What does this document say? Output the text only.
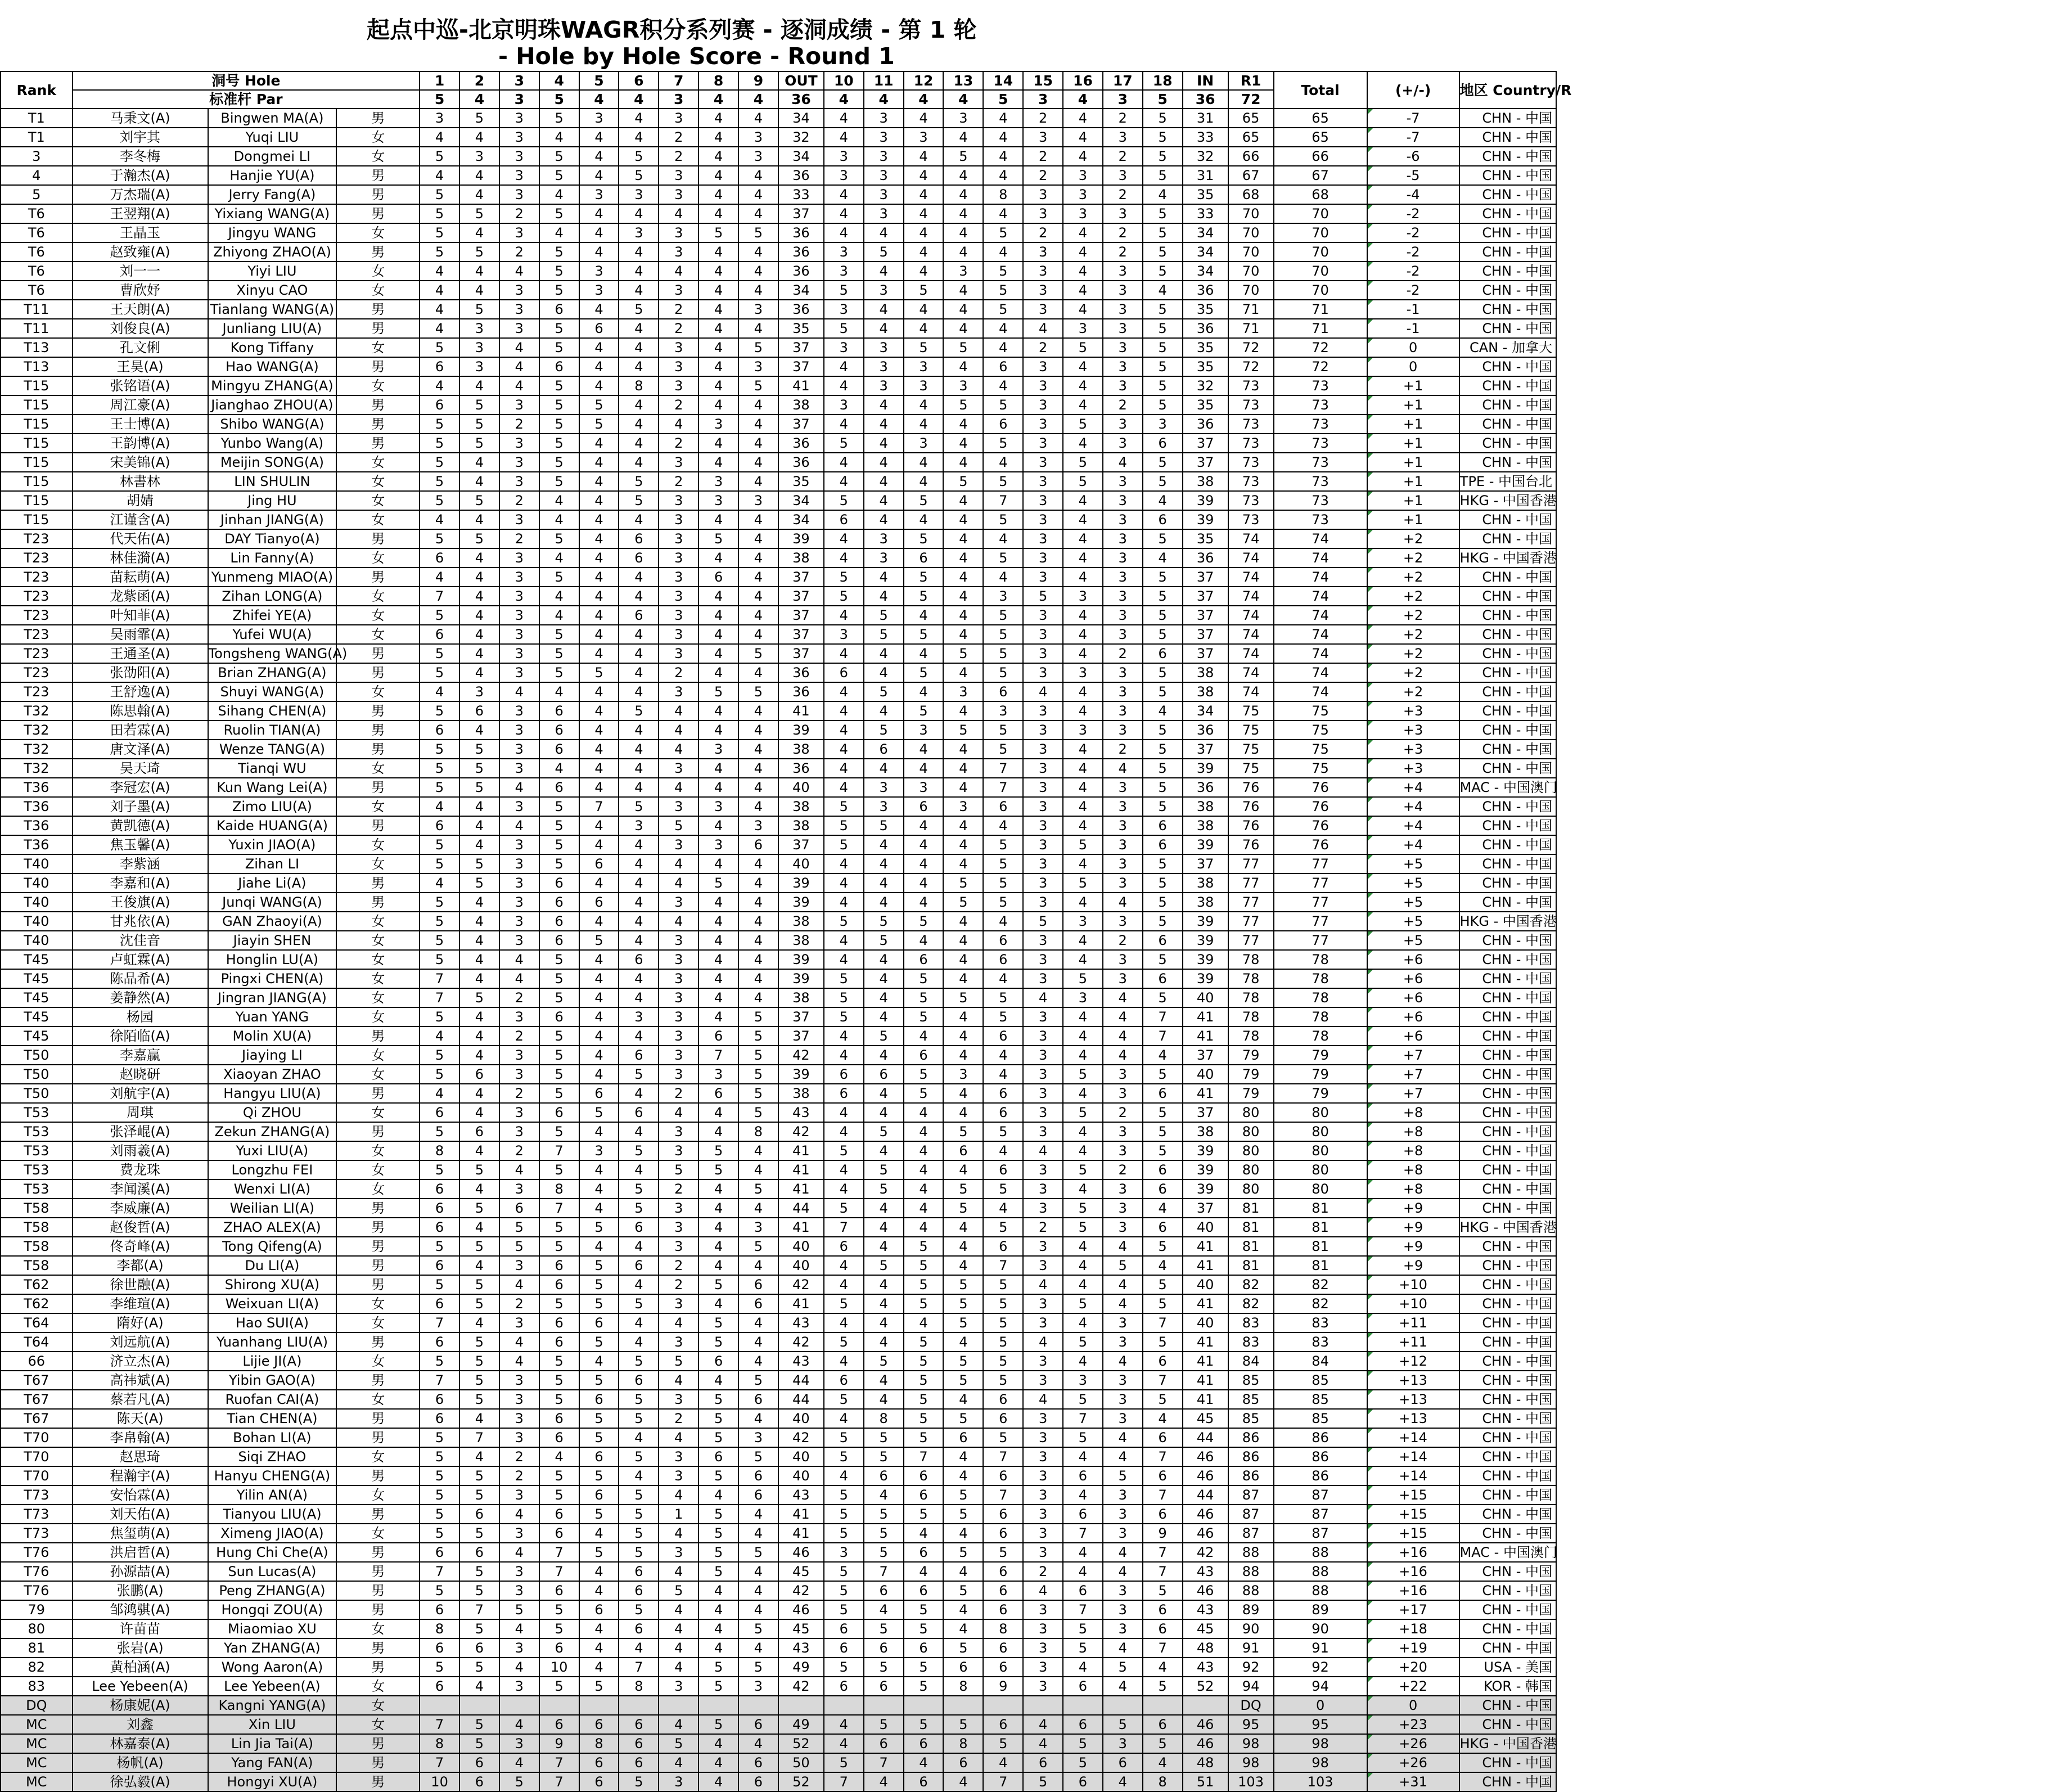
起点中巡-北京明珠WAGR积分系列赛 - 逐洞成绩 - 第 1 轮
- Hole by Hole Score - Round 1
Rank	洞号 Hole			1	2	3	4	5	6	7	8	9	OUT	10	11	12	13	14	15	16	17	18	IN	R1	Total	(+/-)	地区 Country/R
	标准杆 Par			5	4	3	5	4	4	3	4	4	36	4	4	4	4	5	3	4	3	5	36	72			
T1	马秉文(A)	Bingwen MA(A)	男	3	5	3	5	3	4	3	4	4	34	4	3	4	3	4	2	4	2	5	31	65	65	-7	CHN - 中国
T1	刘宇其	Yuqi LIU	女	4	4	3	4	4	4	2	4	3	32	4	3	3	4	4	3	4	3	5	33	65	65	-7	CHN - 中国
3	李冬梅	Dongmei LI	女	5	3	3	5	4	5	2	4	3	34	3	3	4	5	4	2	4	2	5	32	66	66	-6	CHN - 中国
4	于瀚杰(A)	Hanjie YU(A)	男	4	4	3	5	4	5	3	4	4	36	3	3	4	4	4	2	3	3	5	31	67	67	-5	CHN - 中国
5	万杰瑞(A)	Jerry Fang(A)	男	5	4	3	4	3	3	3	4	4	33	4	3	4	4	8	3	3	2	4	35	68	68	-4	CHN - 中国
T6	王翌翔(A)	Yixiang WANG(A)	男	5	5	2	5	4	4	4	4	4	37	4	3	4	4	4	3	3	3	5	33	70	70	-2	CHN - 中国
T6	王晶玉	Jingyu WANG	女	5	4	3	4	4	3	3	5	5	36	4	4	4	4	5	2	4	2	5	34	70	70	-2	CHN - 中国
T6	赵致雍(A)	Zhiyong ZHAO(A)	男	5	5	2	5	4	4	3	4	4	36	3	5	4	4	4	3	4	2	5	34	70	70	-2	CHN - 中国
T6	刘一一	Yiyi LIU	女	4	4	4	5	3	4	4	4	4	36	3	4	4	3	5	3	4	3	5	34	70	70	-2	CHN - 中国
T6	曹欣妤	Xinyu CAO	女	4	4	3	5	3	4	3	4	4	34	5	3	5	4	5	3	4	3	4	36	70	70	-2	CHN - 中国
T11	王天朗(A)	Tianlang WANG(A)	男	4	5	3	6	4	5	2	4	3	36	3	4	4	4	5	3	4	3	5	35	71	71	-1	CHN - 中国
T11	刘俊良(A)	Junliang LIU(A)	男	4	3	3	5	6	4	2	4	4	35	5	4	4	4	4	4	3	3	5	36	71	71	-1	CHN - 中国
T13	孔文俐	Kong Tiffany	女	5	3	4	5	4	4	3	4	5	37	3	3	5	5	4	2	5	3	5	35	72	72	0	CAN - 加拿大
T13	王昊(A)	Hao WANG(A)	男	6	3	4	6	4	4	3	4	3	37	4	3	3	4	6	3	4	3	5	35	72	72	0	CHN - 中国
T15	张铭语(A)	Mingyu ZHANG(A)	女	4	4	4	5	4	8	3	4	5	41	4	3	3	3	4	3	4	3	5	32	73	73	+1	CHN - 中国
T15	周江豪(A)	Jianghao ZHOU(A)	男	6	5	3	5	5	4	2	4	4	38	3	4	4	5	5	3	4	2	5	35	73	73	+1	CHN - 中国
T15	王士博(A)	Shibo WANG(A)	男	5	5	2	5	5	4	4	3	4	37	4	4	4	4	6	3	5	3	3	36	73	73	+1	CHN - 中国
T15	王韵博(A)	Yunbo Wang(A)	男	5	5	3	5	4	4	2	4	4	36	5	4	3	4	5	3	4	3	6	37	73	73	+1	CHN - 中国
T15	宋美锦(A)	Meijin SONG(A)	女	5	4	3	5	4	4	3	4	4	36	4	4	4	4	4	3	5	4	5	37	73	73	+1	CHN - 中国
T15	林書林	LIN SHULIN	女	5	4	3	5	4	5	2	3	4	35	4	4	4	5	5	3	5	3	5	38	73	73	+1	TPE - 中国台北
T15	胡婧	Jing HU	女	5	5	2	4	4	5	3	3	3	34	5	4	5	4	7	3	4	3	4	39	73	73	+1	HKG - 中国香港
T15	江谨含(A)	Jinhan JIANG(A)	女	4	4	3	4	4	4	3	4	4	34	6	4	4	4	5	3	4	3	6	39	73	73	+1	CHN - 中国
T23	代天佑(A)	DAY Tianyo(A)	男	5	5	2	5	4	6	3	5	4	39	4	3	5	4	4	3	4	3	5	35	74	74	+2	CHN - 中国
T23	林佳漪(A)	Lin Fanny(A)	女	6	4	3	4	4	6	3	4	4	38	4	3	6	4	5	3	4	3	4	36	74	74	+2	HKG - 中国香港
T23	苗耘萌(A)	Yunmeng MIAO(A)	男	4	4	3	5	4	4	3	6	4	37	5	4	5	4	4	3	4	3	5	37	74	74	+2	CHN - 中国
T23	龙紫函(A)	Zihan LONG(A)	女	7	4	3	4	4	4	3	4	4	37	5	4	5	4	3	5	3	3	5	37	74	74	+2	CHN - 中国
T23	叶知菲(A)	Zhifei YE(A)	女	5	4	3	4	4	6	3	4	4	37	4	5	4	4	5	3	4	3	5	37	74	74	+2	CHN - 中国
T23	吴雨霏(A)	Yufei WU(A)	女	6	4	3	5	4	4	3	4	4	37	3	5	5	4	5	3	4	3	5	37	74	74	+2	CHN - 中国
T23	王通圣(A)	Tongsheng WANG(A)	男	5	4	3	5	4	4	3	4	5	37	4	4	4	5	5	3	4	2	6	37	74	74	+2	CHN - 中国
T23	张劭阳(A)	Brian ZHANG(A)	男	5	4	3	5	5	4	2	4	4	36	6	4	5	4	5	3	3	3	5	38	74	74	+2	CHN - 中国
T23	王舒逸(A)	Shuyi WANG(A)	女	4	3	4	4	4	4	3	5	5	36	4	5	4	3	6	4	4	3	5	38	74	74	+2	CHN - 中国
T32	陈思翰(A)	Sihang CHEN(A)	男	5	6	3	6	4	5	4	4	4	41	4	4	5	4	3	3	4	3	4	34	75	75	+3	CHN - 中国
T32	田若霖(A)	Ruolin TIAN(A)	男	6	4	3	6	4	4	4	4	4	39	4	5	3	5	5	3	3	3	5	36	75	75	+3	CHN - 中国
T32	唐文泽(A)	Wenze TANG(A)	男	5	5	3	6	4	4	4	3	4	38	4	6	4	4	5	3	4	2	5	37	75	75	+3	CHN - 中国
T32	吴天琦	Tianqi WU	女	5	5	3	4	4	4	3	4	4	36	4	4	4	4	7	3	4	4	5	39	75	75	+3	CHN - 中国
T36	李冠宏(A)	Kun Wang Lei(A)	男	5	5	4	6	4	4	4	4	4	40	4	3	3	4	7	3	4	3	5	36	76	76	+4	MAC - 中国澳门
T36	刘子墨(A)	Zimo LIU(A)	女	4	4	3	5	7	5	3	3	4	38	5	3	6	3	6	3	4	3	5	38	76	76	+4	CHN - 中国
T36	黄凯德(A)	Kaide HUANG(A)	男	6	4	4	5	4	3	5	4	3	38	5	5	4	4	4	3	4	3	6	38	76	76	+4	CHN - 中国
T36	焦玉馨(A)	Yuxin JIAO(A)	女	5	4	3	5	4	4	3	3	6	37	5	4	4	4	5	3	5	3	6	39	76	76	+4	CHN - 中国
T40	李紫涵	Zihan LI	女	5	5	3	5	6	4	4	4	4	40	4	4	4	4	5	3	4	3	5	37	77	77	+5	CHN - 中国
T40	李嘉和(A)	Jiahe Li(A)	男	4	5	3	6	4	4	4	5	4	39	4	4	4	5	5	3	5	3	5	38	77	77	+5	CHN - 中国
T40	王俊旗(A)	Junqi WANG(A)	男	5	4	3	6	6	4	3	4	4	39	4	4	4	5	5	3	4	4	5	38	77	77	+5	CHN - 中国
T40	甘兆依(A)	GAN Zhaoyi(A)	女	5	4	3	6	4	4	4	4	4	38	5	5	5	4	4	5	3	3	5	39	77	77	+5	HKG - 中国香港
T40	沈佳音	Jiayin SHEN	女	5	4	3	6	5	4	3	4	4	38	4	5	4	4	6	3	4	2	6	39	77	77	+5	CHN - 中国
T45	卢虹霖(A)	Honglin LU(A)	女	5	4	4	5	4	6	3	4	4	39	4	4	6	4	6	3	4	3	5	39	78	78	+6	CHN - 中国
T45	陈品希(A)	Pingxi CHEN(A)	女	7	4	4	5	4	4	3	4	4	39	5	4	5	4	4	3	5	3	6	39	78	78	+6	CHN - 中国
T45	姜静然(A)	Jingran JIANG(A)	女	7	5	2	5	4	4	3	4	4	38	5	4	5	5	5	4	3	4	5	40	78	78	+6	CHN - 中国
T45	杨园	Yuan YANG	女	5	4	3	6	4	3	3	4	5	37	5	4	5	4	5	3	4	4	7	41	78	78	+6	CHN - 中国
T45	徐陌临(A)	Molin XU(A)	男	4	4	2	5	4	4	3	6	5	37	4	5	4	4	6	3	4	4	7	41	78	78	+6	CHN - 中国
T50	李嘉赢	Jiaying LI	女	5	4	3	5	4	6	3	7	5	42	4	4	6	4	4	3	4	4	4	37	79	79	+7	CHN - 中国
T50	赵晓研	Xiaoyan ZHAO	女	5	6	3	5	4	5	3	3	5	39	6	6	5	3	4	3	5	3	5	40	79	79	+7	CHN - 中国
T50	刘航宇(A)	Hangyu LIU(A)	男	4	4	2	5	6	4	2	6	5	38	6	4	5	4	6	3	4	3	6	41	79	79	+7	CHN - 中国
T53	周琪	Qi ZHOU	女	6	4	3	6	5	6	4	4	5	43	4	4	4	4	6	3	5	2	5	37	80	80	+8	CHN - 中国
T53	张泽崐(A)	Zekun ZHANG(A)	男	5	6	3	5	4	4	3	4	8	42	4	5	4	5	5	3	4	3	5	38	80	80	+8	CHN - 中国
T53	刘雨羲(A)	Yuxi LIU(A)	女	8	4	2	7	3	5	3	5	4	41	5	4	4	6	4	4	4	3	5	39	80	80	+8	CHN - 中国
T53	费龙珠	Longzhu FEI	女	5	5	4	5	4	4	5	5	4	41	4	5	4	4	6	3	5	2	6	39	80	80	+8	CHN - 中国
T53	李闻溪(A)	Wenxi LI(A)	女	6	4	3	8	4	5	2	4	5	41	4	5	4	5	5	3	4	3	6	39	80	80	+8	CHN - 中国
T58	李威廉(A)	Weilian LI(A)	男	6	5	6	7	4	5	3	4	4	44	5	4	4	5	4	3	5	3	4	37	81	81	+9	CHN - 中国
T58	赵俊哲(A)	ZHAO ALEX(A)	男	6	4	5	5	5	6	3	4	3	41	7	4	4	4	5	2	5	3	6	40	81	81	+9	HKG - 中国香港
T58	佟奇峰(A)	Tong Qifeng(A)	男	5	5	5	5	4	4	3	4	5	40	6	4	5	4	6	3	4	4	5	41	81	81	+9	CHN - 中国
T58	李都(A)	Du LI(A)	男	6	4	3	6	5	6	2	4	4	40	4	5	5	4	7	3	4	5	4	41	81	81	+9	CHN - 中国
T62	徐世融(A)	Shirong XU(A)	男	5	5	4	6	5	4	2	5	6	42	4	4	5	5	5	4	4	4	5	40	82	82	+10	CHN - 中国
T62	李维瑄(A)	Weixuan LI(A)	女	6	5	2	5	5	5	3	4	6	41	5	4	5	5	5	3	5	4	5	41	82	82	+10	CHN - 中国
T64	隋好(A)	Hao SUI(A)	女	7	4	3	6	6	4	4	5	4	43	4	4	4	5	5	3	4	3	7	40	83	83	+11	CHN - 中国
T64	刘远航(A)	Yuanhang LIU(A)	男	6	5	4	6	5	4	3	5	4	42	5	4	5	4	5	4	5	3	5	41	83	83	+11	CHN - 中国
66	济立杰(A)	Lijie JI(A)	女	5	5	4	5	4	5	5	6	4	43	4	5	5	5	5	3	4	4	6	41	84	84	+12	CHN - 中国
T67	高祎斌(A)	Yibin GAO(A)	男	7	5	3	5	5	6	4	4	5	44	6	4	5	5	5	3	3	3	7	41	85	85	+13	CHN - 中国
T67	蔡若凡(A)	Ruofan CAI(A)	女	6	5	3	5	6	5	3	5	6	44	5	4	5	4	6	4	5	3	5	41	85	85	+13	CHN - 中国
T67	陈天(A)	Tian CHEN(A)	男	6	4	3	6	5	5	2	5	4	40	4	8	5	5	6	3	7	3	4	45	85	85	+13	CHN - 中国
T70	李帛翰(A)	Bohan LI(A)	男	5	7	3	6	5	4	4	5	3	42	5	5	5	6	5	3	5	4	6	44	86	86	+14	CHN - 中国
T70	赵思琦	Siqi ZHAO	女	5	4	2	4	6	5	3	6	5	40	5	5	7	4	7	3	4	4	7	46	86	86	+14	CHN - 中国
T70	程瀚宇(A)	Hanyu CHENG(A)	男	5	5	2	5	5	4	3	5	6	40	4	6	6	4	6	3	6	5	6	46	86	86	+14	CHN - 中国
T73	安怡霖(A)	Yilin AN(A)	女	5	5	3	5	6	5	4	4	6	43	5	4	6	5	7	3	4	3	7	44	87	87	+15	CHN - 中国
T73	刘天佑(A)	Tianyou LIU(A)	男	5	6	4	6	5	5	1	5	4	41	5	5	5	5	6	3	6	3	6	46	87	87	+15	CHN - 中国
T73	焦玺萌(A)	Ximeng JIAO(A)	女	5	5	3	6	4	5	4	5	4	41	5	5	4	4	6	3	7	3	9	46	87	87	+15	CHN - 中国
T76	洪启哲(A)	Hung Chi Che(A)	男	6	6	4	7	5	5	3	5	5	46	3	5	6	5	5	3	4	4	7	42	88	88	+16	MAC - 中国澳门
T76	孙源喆(A)	Sun Lucas(A)	男	7	5	3	7	4	6	4	5	4	45	5	7	4	4	6	2	4	4	7	43	88	88	+16	CHN - 中国
T76	张鹏(A)	Peng ZHANG(A)	男	5	5	3	6	4	6	5	4	4	42	5	6	6	5	6	4	6	3	5	46	88	88	+16	CHN - 中国
79	邹鸿骐(A)	Hongqi ZOU(A)	男	6	7	5	5	6	5	4	4	4	46	5	4	5	4	6	3	7	3	6	43	89	89	+17	CHN - 中国
80	许苗苗	Miaomiao XU	女	8	5	4	5	4	6	4	4	5	45	6	5	5	4	8	3	5	3	6	45	90	90	+18	CHN - 中国
81	张岩(A)	Yan ZHANG(A)	男	6	6	3	6	4	4	4	4	4	43	6	6	6	5	6	3	5	4	7	48	91	91	+19	CHN - 中国
82	黄柏涵(A)	Wong Aaron(A)	男	5	5	4	10	4	7	4	5	5	49	5	5	5	6	6	3	4	5	4	43	92	92	+20	USA - 美国
83	Lee Yebeen(A)	Lee Yebeen(A)	女	6	4	3	5	5	8	3	5	3	42	6	6	5	8	9	3	6	4	5	52	94	94	+22	KOR - 韩国
DQ	杨康妮(A)	Kangni YANG(A)	女																					DQ	0	0	CHN - 中国
MC	刘鑫	Xin LIU	女	7	5	4	6	6	6	4	5	6	49	4	5	5	5	6	4	6	5	6	46	95	95	+23	CHN - 中国
MC	林嘉泰(A)	Lin Jia Tai(A)	男	8	5	3	9	8	6	5	4	4	52	4	6	6	8	5	4	5	3	5	46	98	98	+26	HKG - 中国香港
MC	杨帆(A)	Yang FAN(A)	男	7	6	4	7	6	6	4	4	6	50	5	7	4	6	4	6	5	6	4	48	98	98	+26	CHN - 中国
MC	徐弘毅(A)	Hongyi XU(A)	男	10	6	5	7	6	5	3	4	6	52	7	4	6	4	7	5	6	4	8	51	103	103	+31	CHN - 中国
